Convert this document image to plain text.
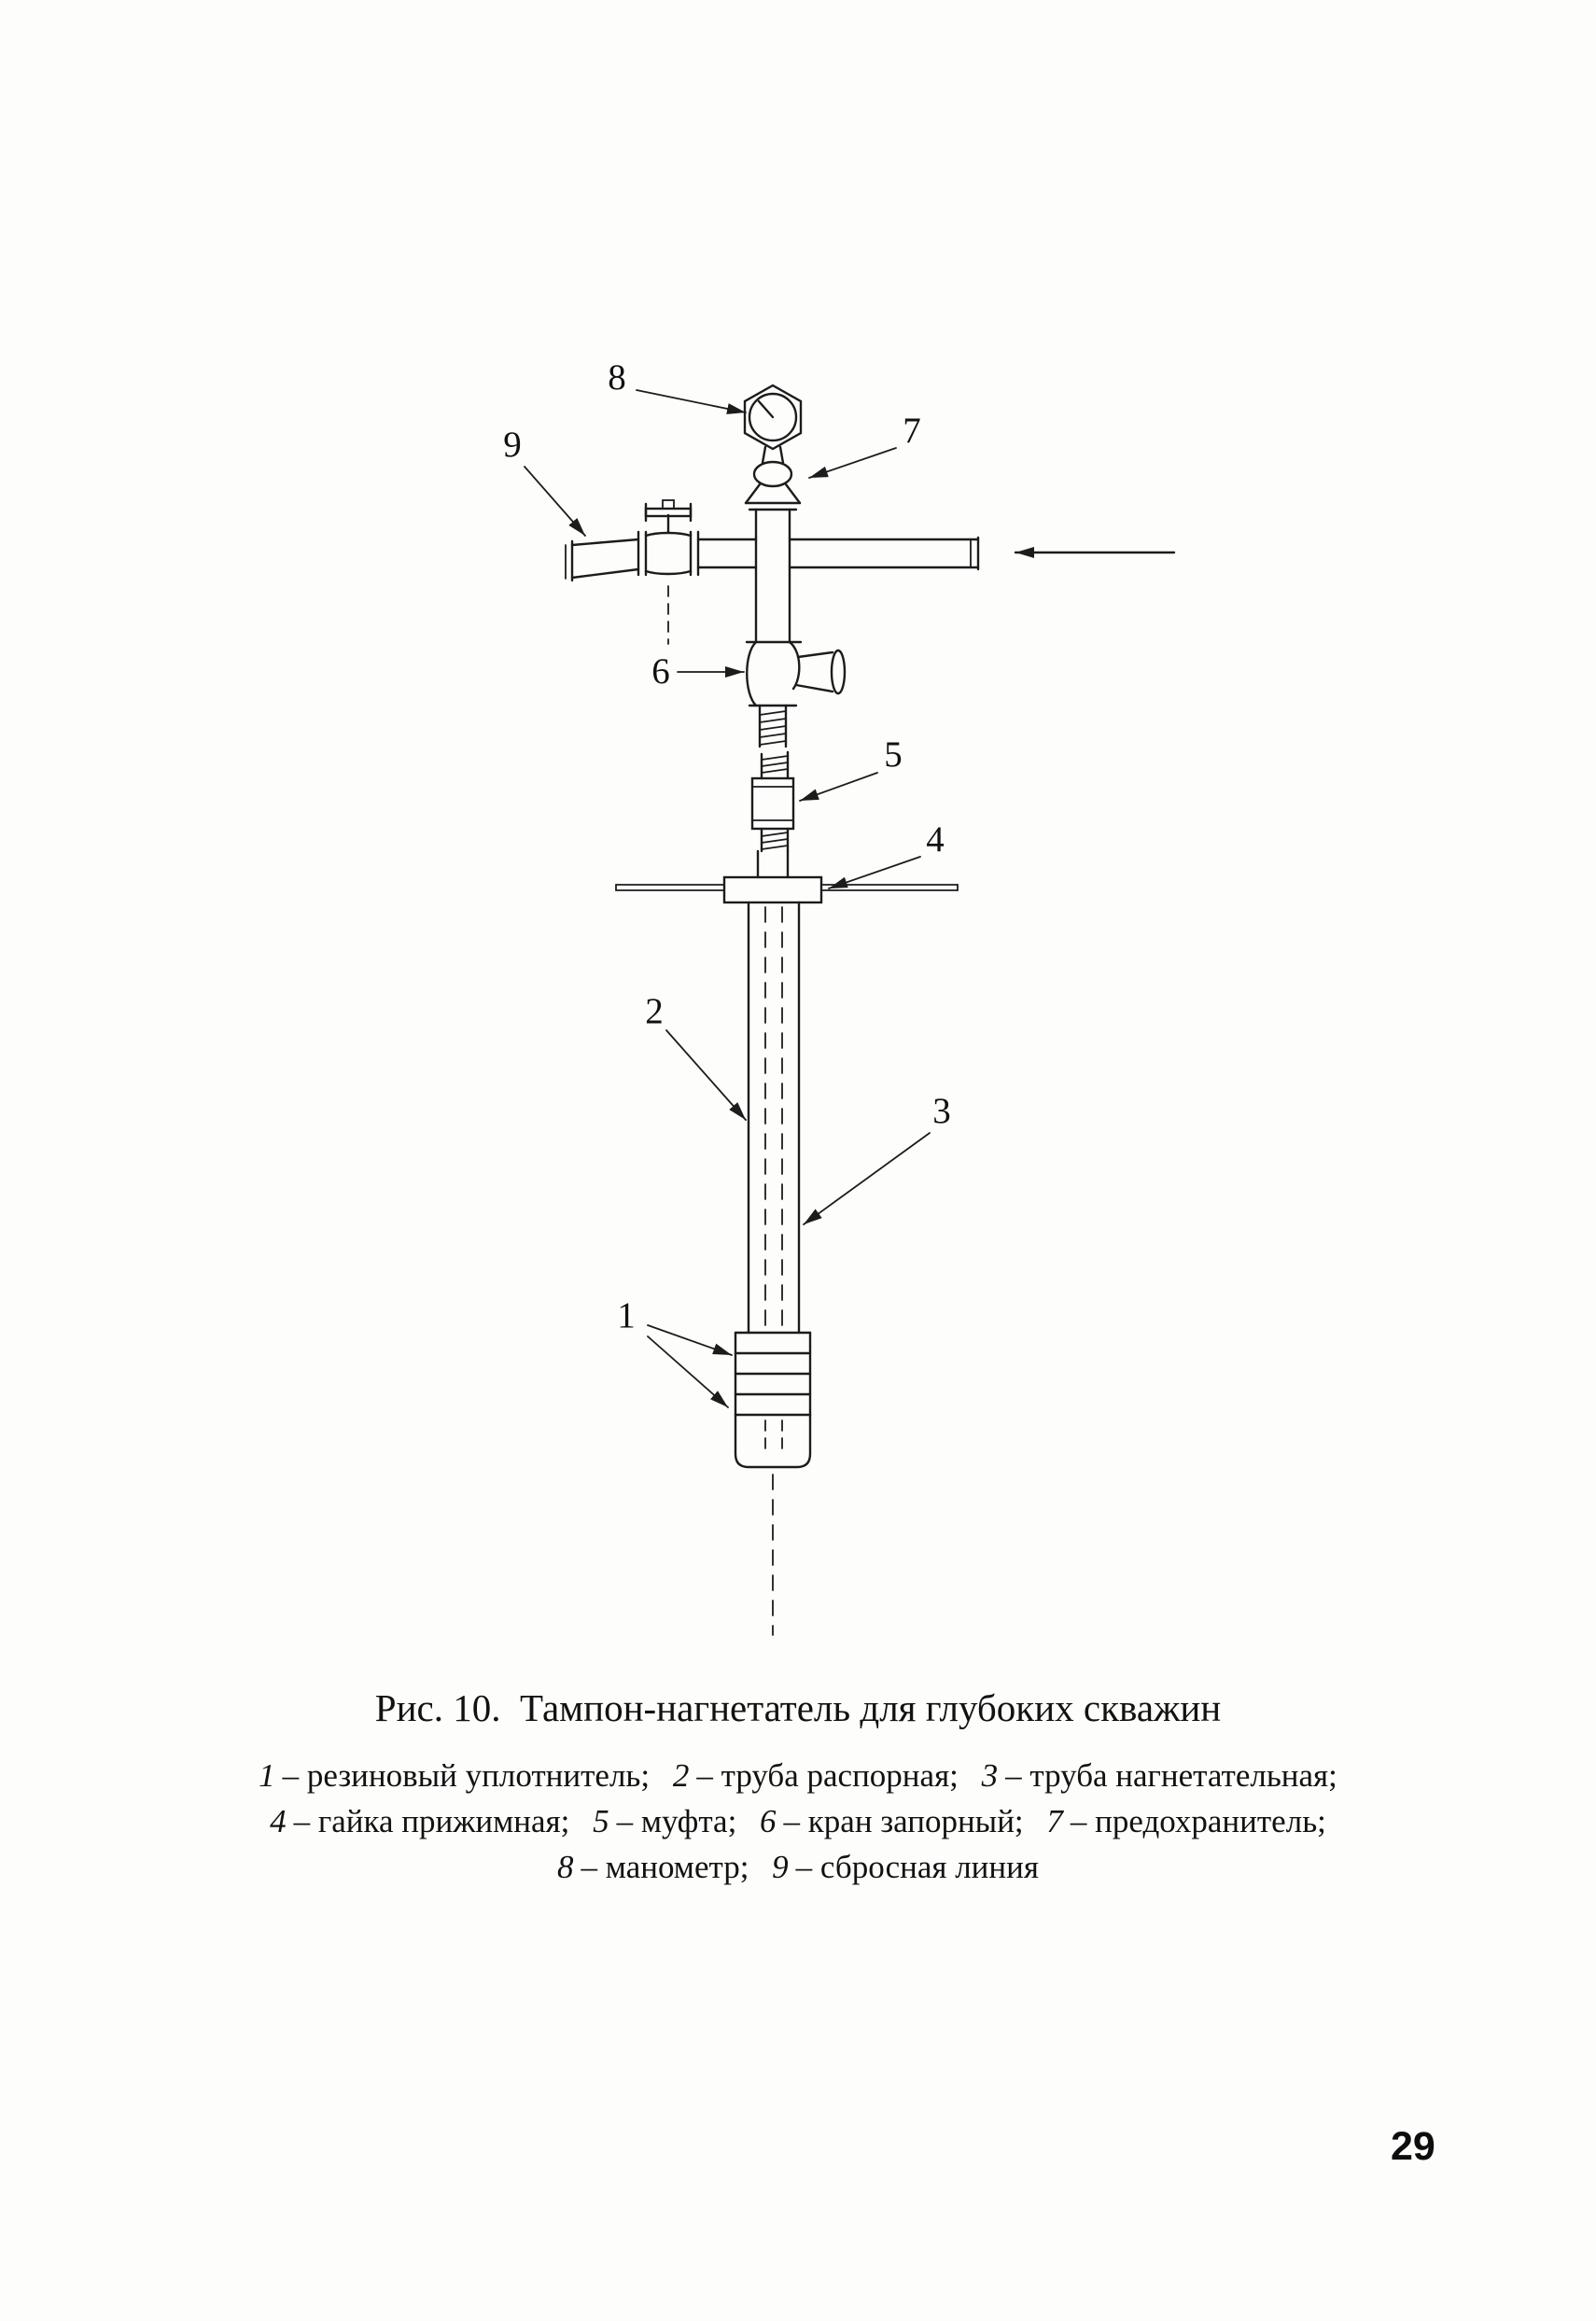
8
9	7
6
5
4
2
3
1
Рис. 10.  Тампон-нагнетатель для глубоких скважин
1 – резиновый уплотнитель; 2 – труба распорная; 3 – труба нагнетательная;
4 – гайка прижимная; 5 – муфта; 6 – кран запорный; 7 – предохранитель;
8 – манометр; 9 – сбросная линия
29
